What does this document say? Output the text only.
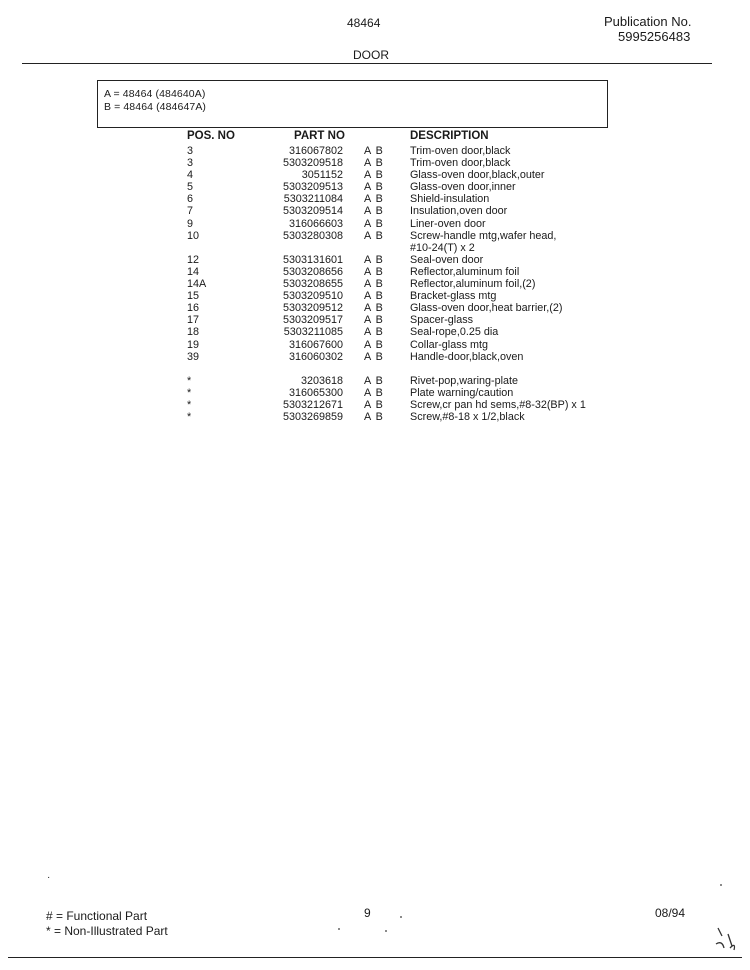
48464	Publication No.
5995256483
DOOR
A = 48464 (484640A)
B = 48464 (484647A)
POS. NO	PART NO	DESCRIPTION
3	316067802 A B Trim-oven door,black
3	5303209518 A B Trim-oven door,black
4	3051152 A B Glass-oven door,black,outer
5	5303209513 A B Glass-oven door,inner
6	5303211084 A B Shield-insulation
7	5303209514 A B Insulation,oven door
9	316066603 A B Liner-oven door
10	5303280308 A B Screw-handle mtg,wafer head,
#10-24(T) x 2
12	5303131601 A B Seal-oven door
14	5303208656 A B Reflector,aluminum foil
14A	5303208655 A B Reflector,aluminum foil,(2)
15	5303209510 A B Bracket-glass mtg
16	5303209512 A B Glass-oven door,heat barrier,(2)
17	5303209517 A B Spacer-glass
18	5303211085 A B Seal-rope,0.25 dia
19	316067600 A B Collar-glass mtg
39	316060302 A B Handle-door,black,oven
*	3203618 A B Rivet-pop,waring-plate
*	316065300 A B Plate warning/caution
*	5303212671 A B Screw,cr pan hd sems,#8-32(BP) x 1
*	5303269859 A B Screw,#8-18 x 1/2,black
·
# = Functional Part
* = Non-Illustrated Part
9	08/94
